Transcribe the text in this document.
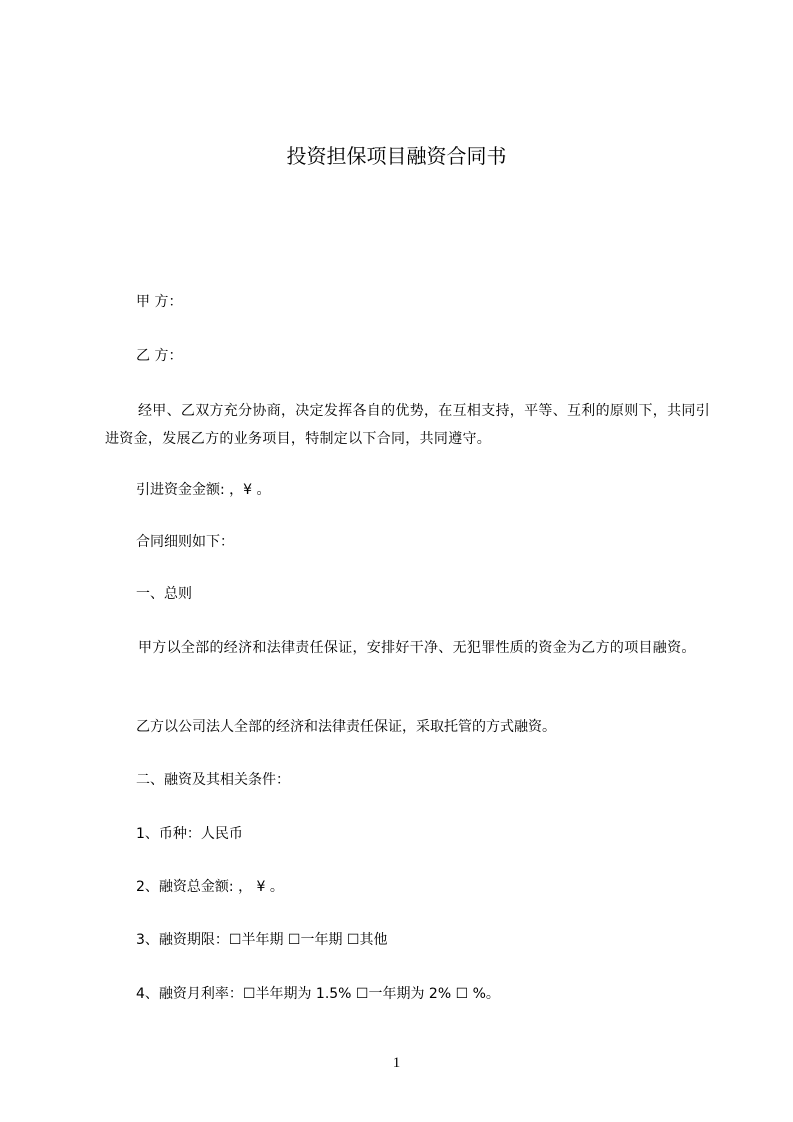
投资担保项目融资合同书
甲 方：
乙 方：
经甲、乙双方充分协商，决定发挥各自的优势，在互相支持，平等、互利的原则下，共同引进资金，发展乙方的业务项目，特制定以下合同，共同遵守。
引进资金金额: ，¥ 。
合同细则如下：
一、总则
甲方以全部的经济和法律责任保证，安排好干净、无犯罪性质的资金为乙方的项目融资。
乙方以公司法人全部的经济和法律责任保证，采取托管的方式融资。
二、融资及其相关条件：
1、币种：人民币
2、融资总金额: ， ¥ 。
3、融资期限：☐半年期 ☐一年期 ☐其他
4、融资月利率：☐半年期为 1.5% ☐一年期为 2% ☐ %。
1
